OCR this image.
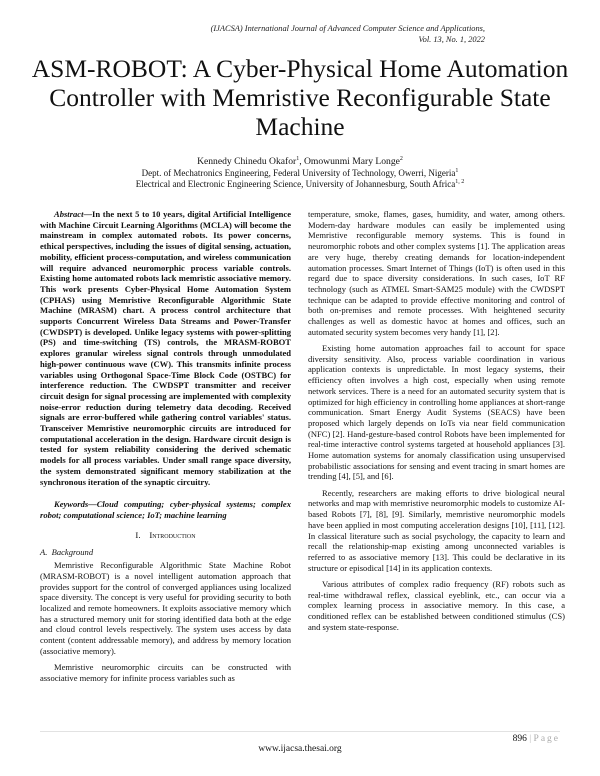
(IJACSA) International Journal of Advanced Computer Science and Applications,
Vol. 13, No. 1, 2022
ASM-ROBOT: A Cyber-Physical Home Automation Controller with Memristive Reconfigurable State Machine
Kennedy Chinedu Okafor$^1$, Omowunmi Mary Longe$^2$
Dept. of Mechatronics Engineering, Federal University of Technology, Owerri, Nigeria$^1$
Electrical and Electronic Engineering Science, University of Johannesburg, South Africa$^{1, 2}$

Abstract—In the next 5 to 10 years, digital Artificial Intelligence with Machine Circuit Learning Algorithms (MCLA) will become the mainstream in complex automated robots. Its power concerns, ethical perspectives, including the issues of digital sensing, actuation, mobility, efficient process-computation, and wireless communication will require advanced neuromorphic process variable controls. Existing home automated robots lack memristic associative memory. This work presents Cyber-Physical Home Automation System (CPHAS) using Memristive Reconfigurable Algorithmic State Machine (MRASM) chart. A process control architecture that supports Concurrent Wireless Data Streams and Power-Transfer (CWDSPT) is developed. Unlike legacy systems with power-splitting (PS) and time-switching (TS) controls, the MRASM-ROBOT explores granular wireless signal controls through unmodulated high-power continuous wave (CW). This transmits infinite process variables using Orthogonal Space-Time Block Code (OSTBC) for interference reduction. The CWDSPT transmitter and receiver circuit design for signal processing are implemented with complexity noise-error reduction during telemetry data decoding. Received signals are error-buffered while gathering control variables' status. Transceiver Memristive neuromorphic circuits are introduced for computational acceleration in the design. Hardware circuit design is tested for system reliability considering the derived schematic models for all process variables. Under small range space diversity, the system demonstrated significant memory stabilization at the synchronous iteration of the synaptic circuitry.

Keywords—Cloud computing; cyber-physical systems; complex robot; computational science; IoT; machine learning

I. Introduction

A. Background

Memristive Reconfigurable Algorithmic State Machine Robot (MRASM-ROBOT) is a novel intelligent automation approach that provides support for the control of converged appliances using localized space diversity. The concept is very useful for providing security to both localized and remote homeowners. It exploits associative memory which has a structured memory unit for storing identified data both at the edge and cloud control levels respectively. The system uses access by data content (content addressable memory), and address by memory location (associative memory).

Memristive neuromorphic circuits can be constructed with associative memory for infinite process variables such as

temperature, smoke, flames, gases, humidity, and water, among others. Modern-day hardware modules can easily be implemented using Memristive reconfigurable memory systems. This is found in neuromorphic robots and other complex systems [1]. The application areas are very huge, thereby creating demands for location-independent automation processes. Smart Internet of Things (IoT) is often used in this regard due to space diversity considerations. In such cases, IoT RF technology (such as ATMEL Smart-SAM25 module) with the CWDSPT technique can be adapted to provide effective monitoring and control of both on-premises and remote processes. With heightened security challenges as well as domestic havoc at homes and offices, such an automated security system becomes very handy [1], [2].

Existing home automation approaches fail to account for space diversity sensitivity. Also, process variable coordination in various application contexts is unpredictable. In most legacy systems, their efficiency often involves a high cost, especially when using remote network services. There is a need for an automated security system that is optimized for high efficiency in controlling home appliances at short-range communication. Smart Energy Audit Systems (SEACS) have been proposed which largely depends on IoTs via near field communication (NFC) [2]. Hand-gesture-based control Robots have been implemented for real-time interactive control systems targeted at household appliances [3]. Home automation systems for anomaly classification using unsupervised probabilistic associations for sensing and event tracing in smart homes are trending [4], [5], and [6].

Recently, researchers are making efforts to drive biological neural networks and map with memristive neuromorphic models to customize AI-based Robots [7], [8], [9]. Similarly, memristive neuromorphic models have been applied in most computing acceleration designs [10], [11], [12]. In classical literature such as social psychology, the capacity to learn and recall the relationship-map existing among unconnected variables is referred to as associative memory [13]. This could be declarative in its structure or episodical [14] in its application contexts.

Various attributes of complex radio frequency (RF) robots such as real-time withdrawal reflex, classical eyeblink, etc., can occur via a complex learning process in associative memory. In this case, a conditioned reflex can be established between conditioned stimulus (CS) and system state-response.

896 | Page
www.ijacsa.thesai.org
